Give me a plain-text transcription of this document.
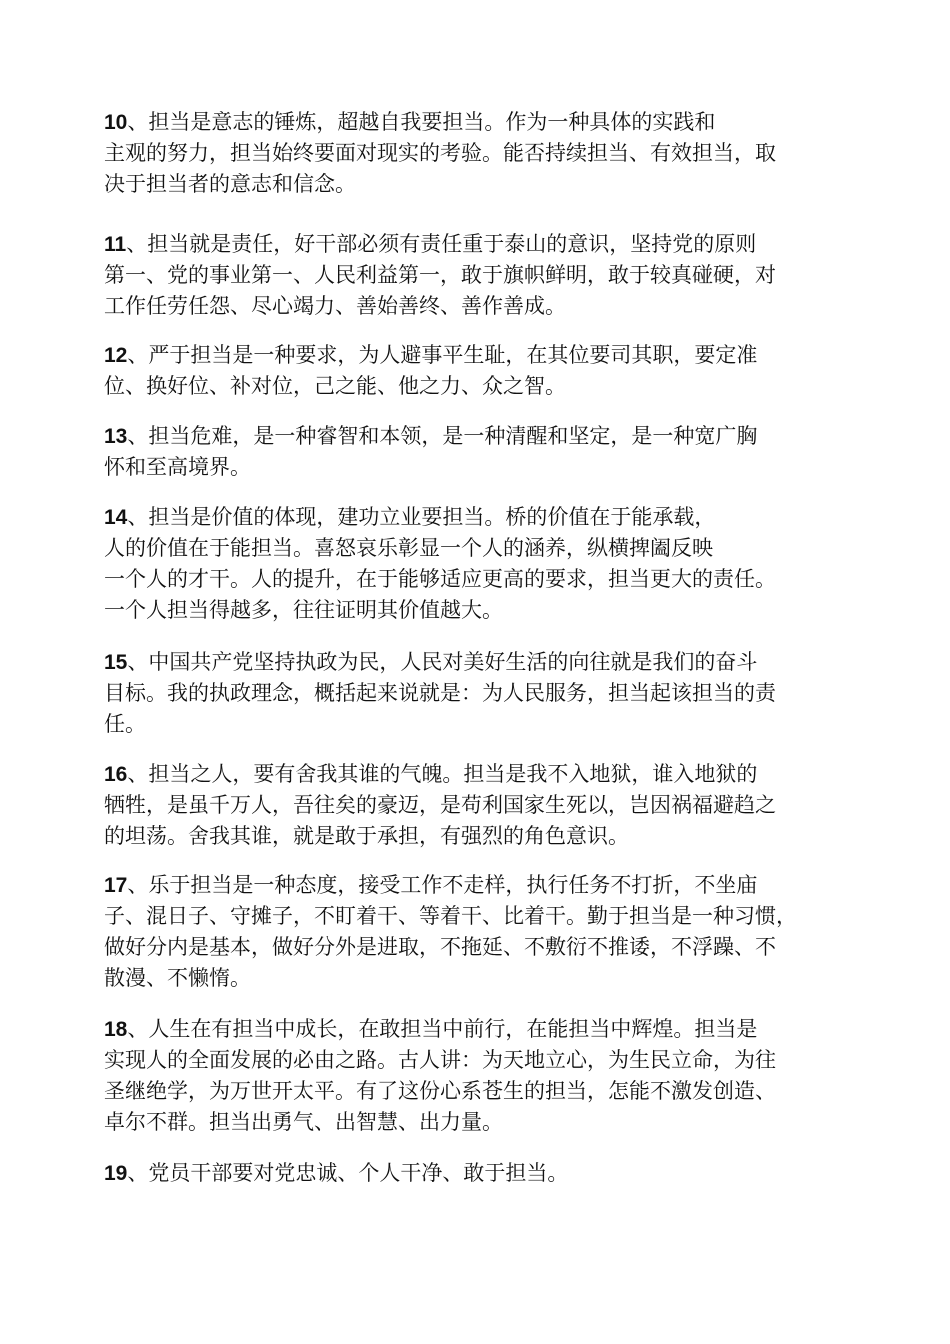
10、担当是意志的锤炼，超越自我要担当。作为一种具体的实践和
主观的努力，担当始终要面对现实的考验。能否持续担当、有效担当，取
决于担当者的意志和信念。
11、担当就是责任，好干部必须有责任重于泰山的意识，坚持党的原则
第一、党的事业第一、人民利益第一，敢于旗帜鲜明，敢于较真碰硬，对
工作任劳任怨、尽心竭力、善始善终、善作善成。
12、严于担当是一种要求，为人避事平生耻，在其位要司其职，要定准
位、换好位、补对位，己之能、他之力、众之智。
13、担当危难，是一种睿智和本领，是一种清醒和坚定，是一种宽广胸
怀和至高境界。
14、担当是价值的体现，建功立业要担当。桥的价值在于能承载，
人的价值在于能担当。喜怒哀乐彰显一个人的涵养，纵横捭阖反映
一个人的才干。人的提升，在于能够适应更高的要求，担当更大的责任。
一个人担当得越多，往往证明其价值越大。
15、中国共产党坚持执政为民，人民对美好生活的向往就是我们的奋斗
目标。我的执政理念，概括起来说就是：为人民服务，担当起该担当的责
任。
16、担当之人，要有舍我其谁的气魄。担当是我不入地狱，谁入地狱的
牺牲，是虽千万人，吾往矣的豪迈，是苟利国家生死以，岂因祸福避趋之
的坦荡。舍我其谁，就是敢于承担，有强烈的角色意识。
17、乐于担当是一种态度，接受工作不走样，执行任务不打折，不坐庙
子、混日子、守摊子，不盯着干、等着干、比着干。勤于担当是一种习惯，
做好分内是基本，做好分外是进取，不拖延、不敷衍不推诿，不浮躁、不
散漫、不懒惰。
18、人生在有担当中成长，在敢担当中前行，在能担当中辉煌。担当是
实现人的全面发展的必由之路。古人讲：为天地立心，为生民立命，为往
圣继绝学，为万世开太平。有了这份心系苍生的担当，怎能不激发创造、
卓尔不群。担当出勇气、出智慧、出力量。
19、党员干部要对党忠诚、个人干净、敢于担当。
